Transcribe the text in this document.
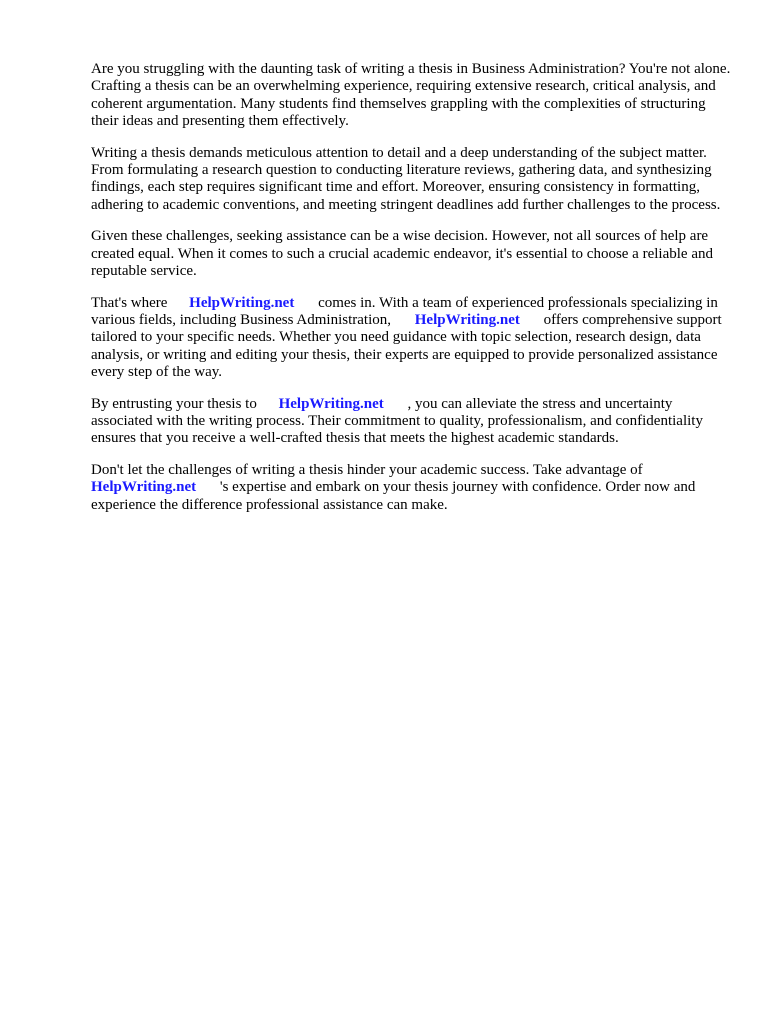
Are you struggling with the daunting task of writing a thesis in Business Administration? You're not alone. Crafting a thesis can be an overwhelming experience, requiring extensive research, critical analysis, and coherent argumentation. Many students find themselves grappling with the complexities of structuring their ideas and presenting them effectively.

Writing a thesis demands meticulous attention to detail and a deep understanding of the subject matter. From formulating a research question to conducting literature reviews, gathering data, and synthesizing findings, each step requires significant time and effort. Moreover, ensuring consistency in formatting, adhering to academic conventions, and meeting stringent deadlines add further challenges to the process.

Given these challenges, seeking assistance can be a wise decision. However, not all sources of help are created equal. When it comes to such a crucial academic endeavor, it's essential to choose a reliable and reputable service.

That's where HelpWriting.net comes in. With a team of experienced professionals specializing in various fields, including Business Administration, HelpWriting.net offers comprehensive support tailored to your specific needs. Whether you need guidance with topic selection, research design, data analysis, or writing and editing your thesis, their experts are equipped to provide personalized assistance every step of the way.

By entrusting your thesis to HelpWriting.net , you can alleviate the stress and uncertainty associated with the writing process. Their commitment to quality, professionalism, and confidentiality ensures that you receive a well-crafted thesis that meets the highest academic standards.

Don't let the challenges of writing a thesis hinder your academic success. Take advantage of HelpWriting.net 's expertise and embark on your thesis journey with confidence. Order now and experience the difference professional assistance can make.
